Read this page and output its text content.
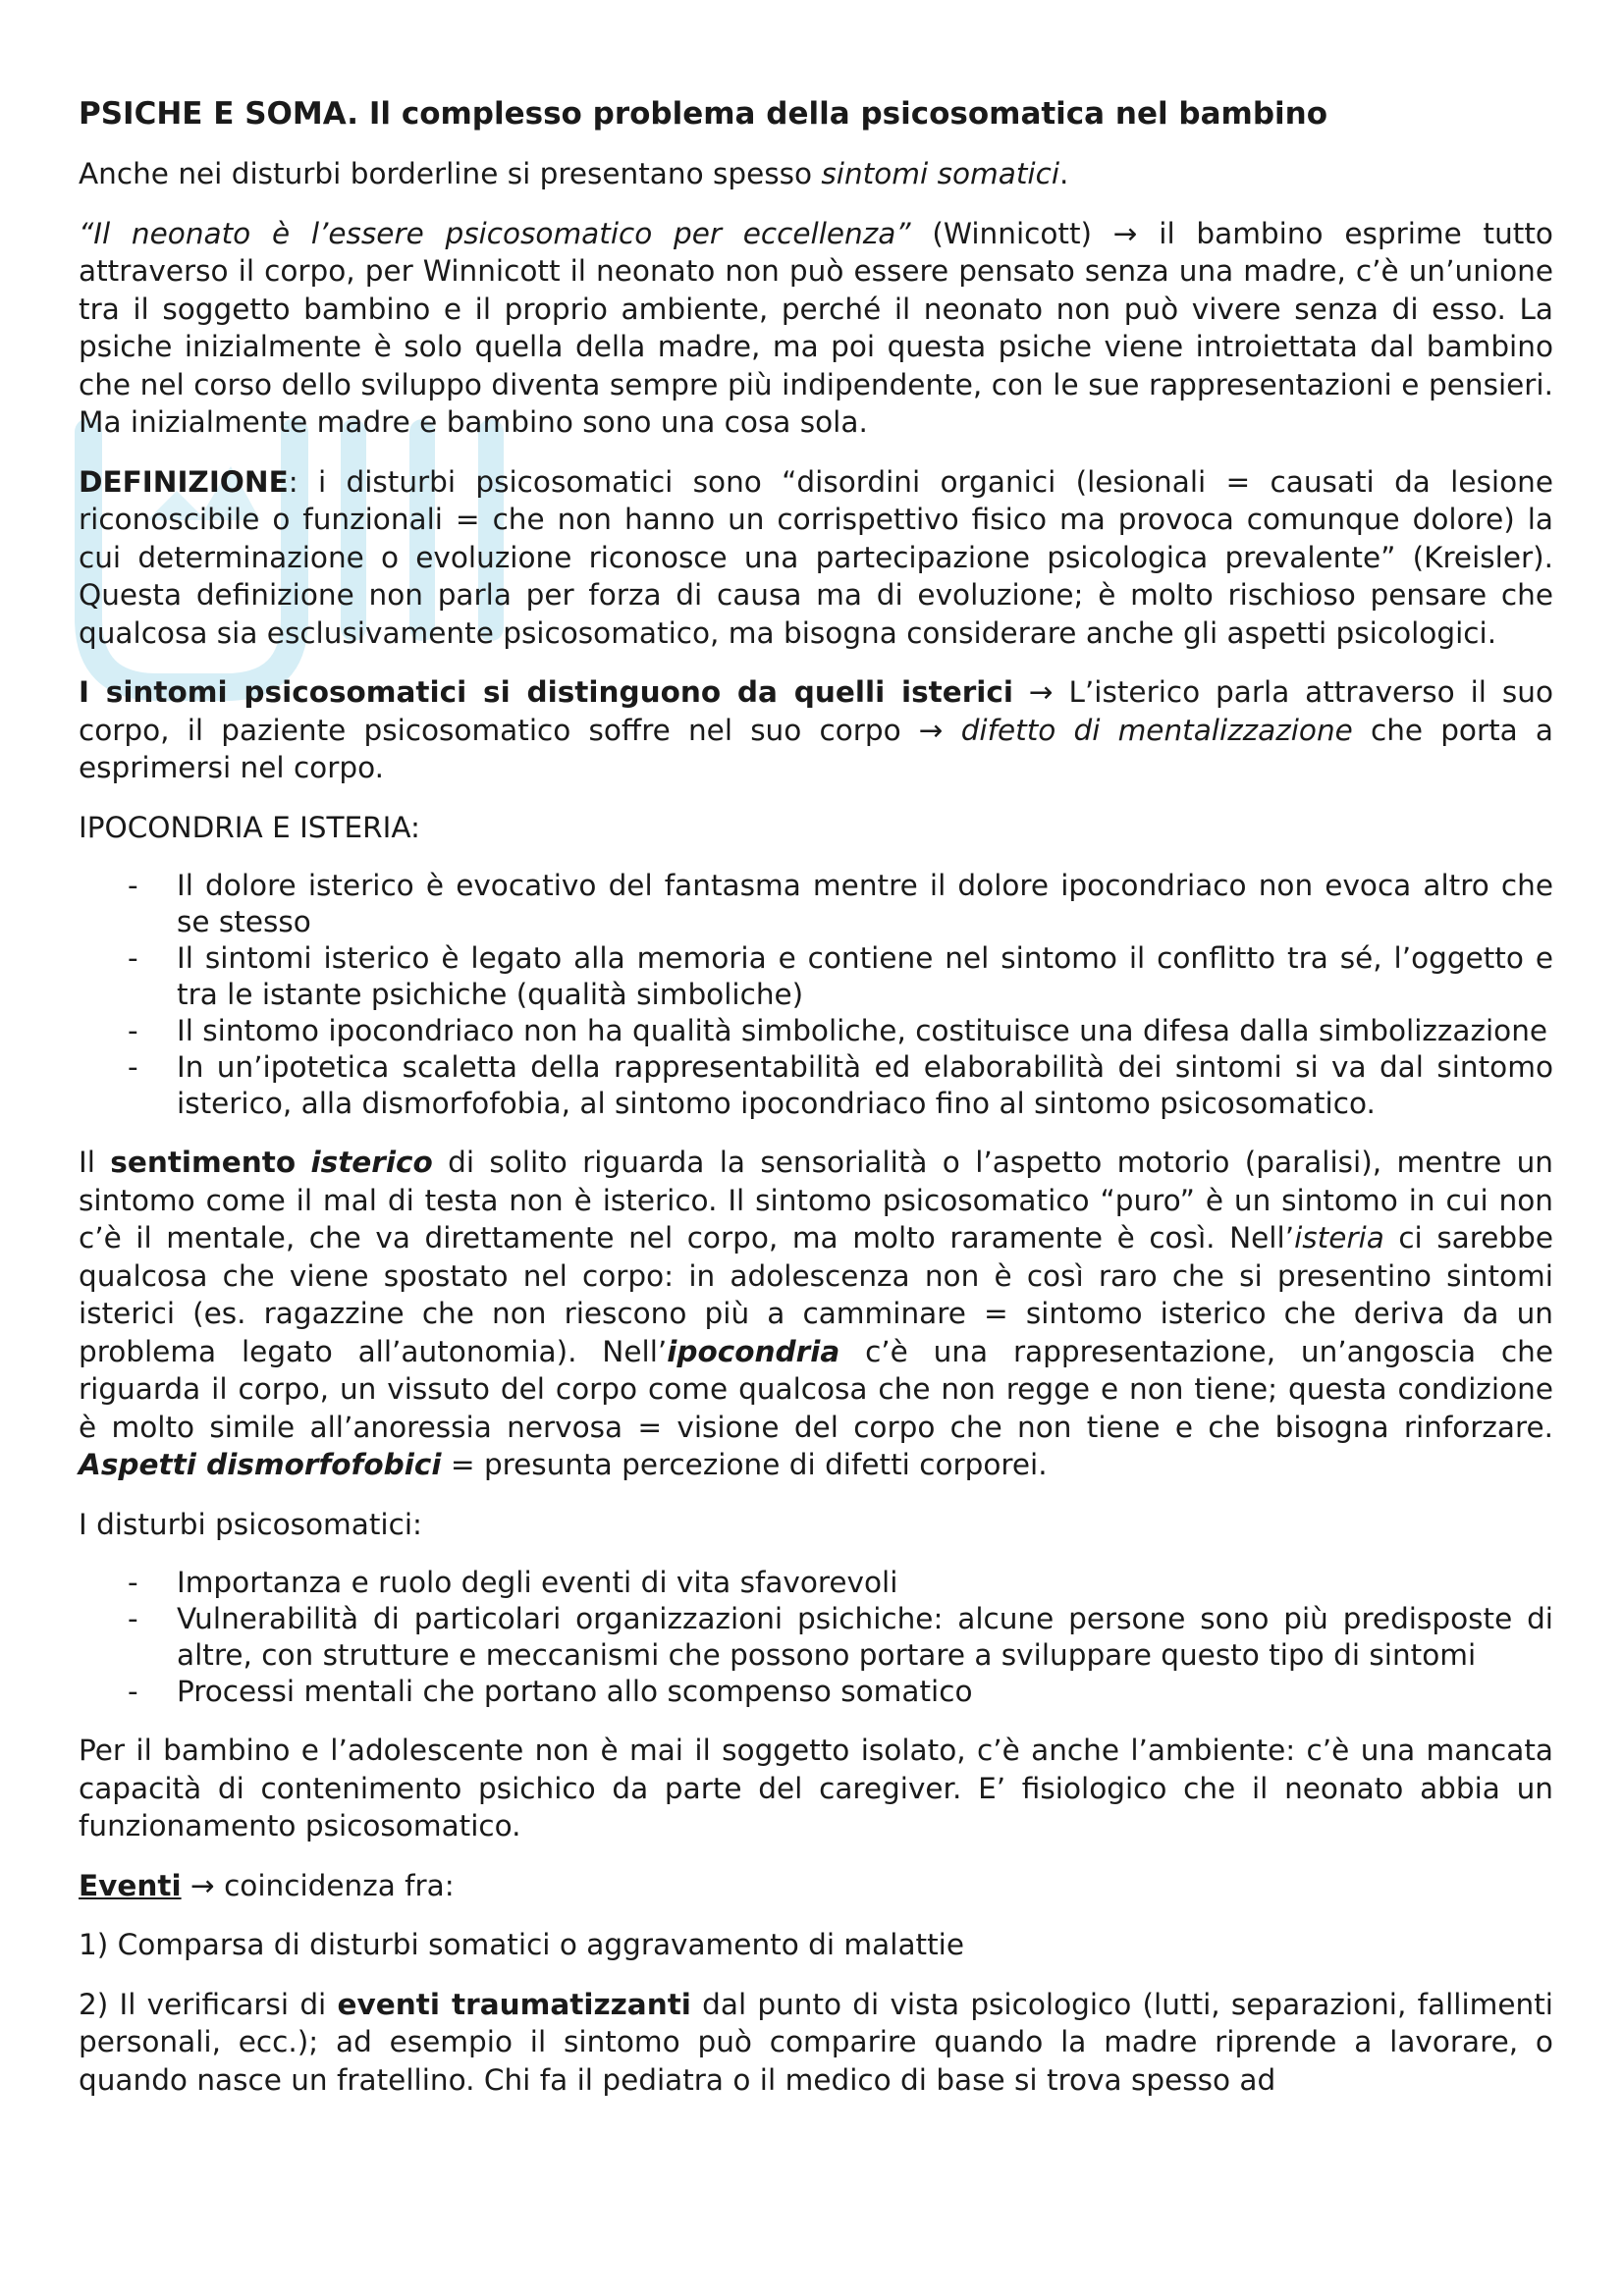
PSICHE E SOMA. Il complesso problema della psicosomatica nel bambino

Anche nei disturbi borderline si presentano spesso sintomi somatici.

“Il neonato è l’essere psicosomatico per eccellenza” (Winnicott) → il bambino esprime tutto attraverso il corpo, per Winnicott il neonato non può essere pensato senza una madre, c’è un’unione tra il soggetto bambino e il proprio ambiente, perché il neonato non può vivere senza di esso. La psiche inizialmente è solo quella della madre, ma poi questa psiche viene introiettata dal bambino che nel corso dello sviluppo diventa sempre più indipendente, con le sue rappresentazioni e pensieri. Ma inizialmente madre e bambino sono una cosa sola.

DEFINIZIONE: i disturbi psicosomatici sono “disordini organici (lesionali = causati da lesione riconoscibile o funzionali = che non hanno un corrispettivo fisico ma provoca comunque dolore) la cui determinazione o evoluzione riconosce una partecipazione psicologica prevalente” (Kreisler). Questa definizione non parla per forza di causa ma di evoluzione; è molto rischioso pensare che qualcosa sia esclusivamente psicosomatico, ma bisogna considerare anche gli aspetti psicologici.

I sintomi psicosomatici si distinguono da quelli isterici → L’isterico parla attraverso il suo corpo, il paziente psicosomatico soffre nel suo corpo → difetto di mentalizzazione che porta a esprimersi nel corpo.

IPOCONDRIA E ISTERIA:

- Il dolore isterico è evocativo del fantasma mentre il dolore ipocondriaco non evoca altro che se stesso
- Il sintomi isterico è legato alla memoria e contiene nel sintomo il conflitto tra sé, l’oggetto e tra le istante psichiche (qualità simboliche)
- Il sintomo ipocondriaco non ha qualità simboliche, costituisce una difesa dalla simbolizzazione
- In un’ipotetica scaletta della rappresentabilità ed elaborabilità dei sintomi si va dal sintomo isterico, alla dismorfofobia, al sintomo ipocondriaco fino al sintomo psicosomatico.

Il sentimento isterico di solito riguarda la sensorialità o l’aspetto motorio (paralisi), mentre un sintomo come il mal di testa non è isterico. Il sintomo psicosomatico “puro” è un sintomo in cui non c’è il mentale, che va direttamente nel corpo, ma molto raramente è così. Nell’isteria ci sarebbe qualcosa che viene spostato nel corpo: in adolescenza non è così raro che si presentino sintomi isterici (es. ragazzine che non riescono più a camminare = sintomo isterico che deriva da un problema legato all’autonomia). Nell’ipocondria c’è una rappresentazione, un’angoscia che riguarda il corpo, un vissuto del corpo come qualcosa che non regge e non tiene; questa condizione è molto simile all’anoressia nervosa = visione del corpo che non tiene e che bisogna rinforzare. Aspetti dismorfofobici = presunta percezione di difetti corporei.

I disturbi psicosomatici:

- Importanza e ruolo degli eventi di vita sfavorevoli
- Vulnerabilità di particolari organizzazioni psichiche: alcune persone sono più predisposte di altre, con strutture e meccanismi che possono portare a sviluppare questo tipo di sintomi
- Processi mentali che portano allo scompenso somatico

Per il bambino e l’adolescente non è mai il soggetto isolato, c’è anche l’ambiente: c’è una mancata capacità di contenimento psichico da parte del caregiver. E’ fisiologico che il neonato abbia un funzionamento psicosomatico.

Eventi → coincidenza fra:

1) Comparsa di disturbi somatici o aggravamento di malattie

2) Il verificarsi di eventi traumatizzanti dal punto di vista psicologico (lutti, separazioni, fallimenti personali, ecc.); ad esempio il sintomo può comparire quando la madre riprende a lavorare, o quando nasce un fratellino. Chi fa il pediatra o il medico di base si trova spesso ad
